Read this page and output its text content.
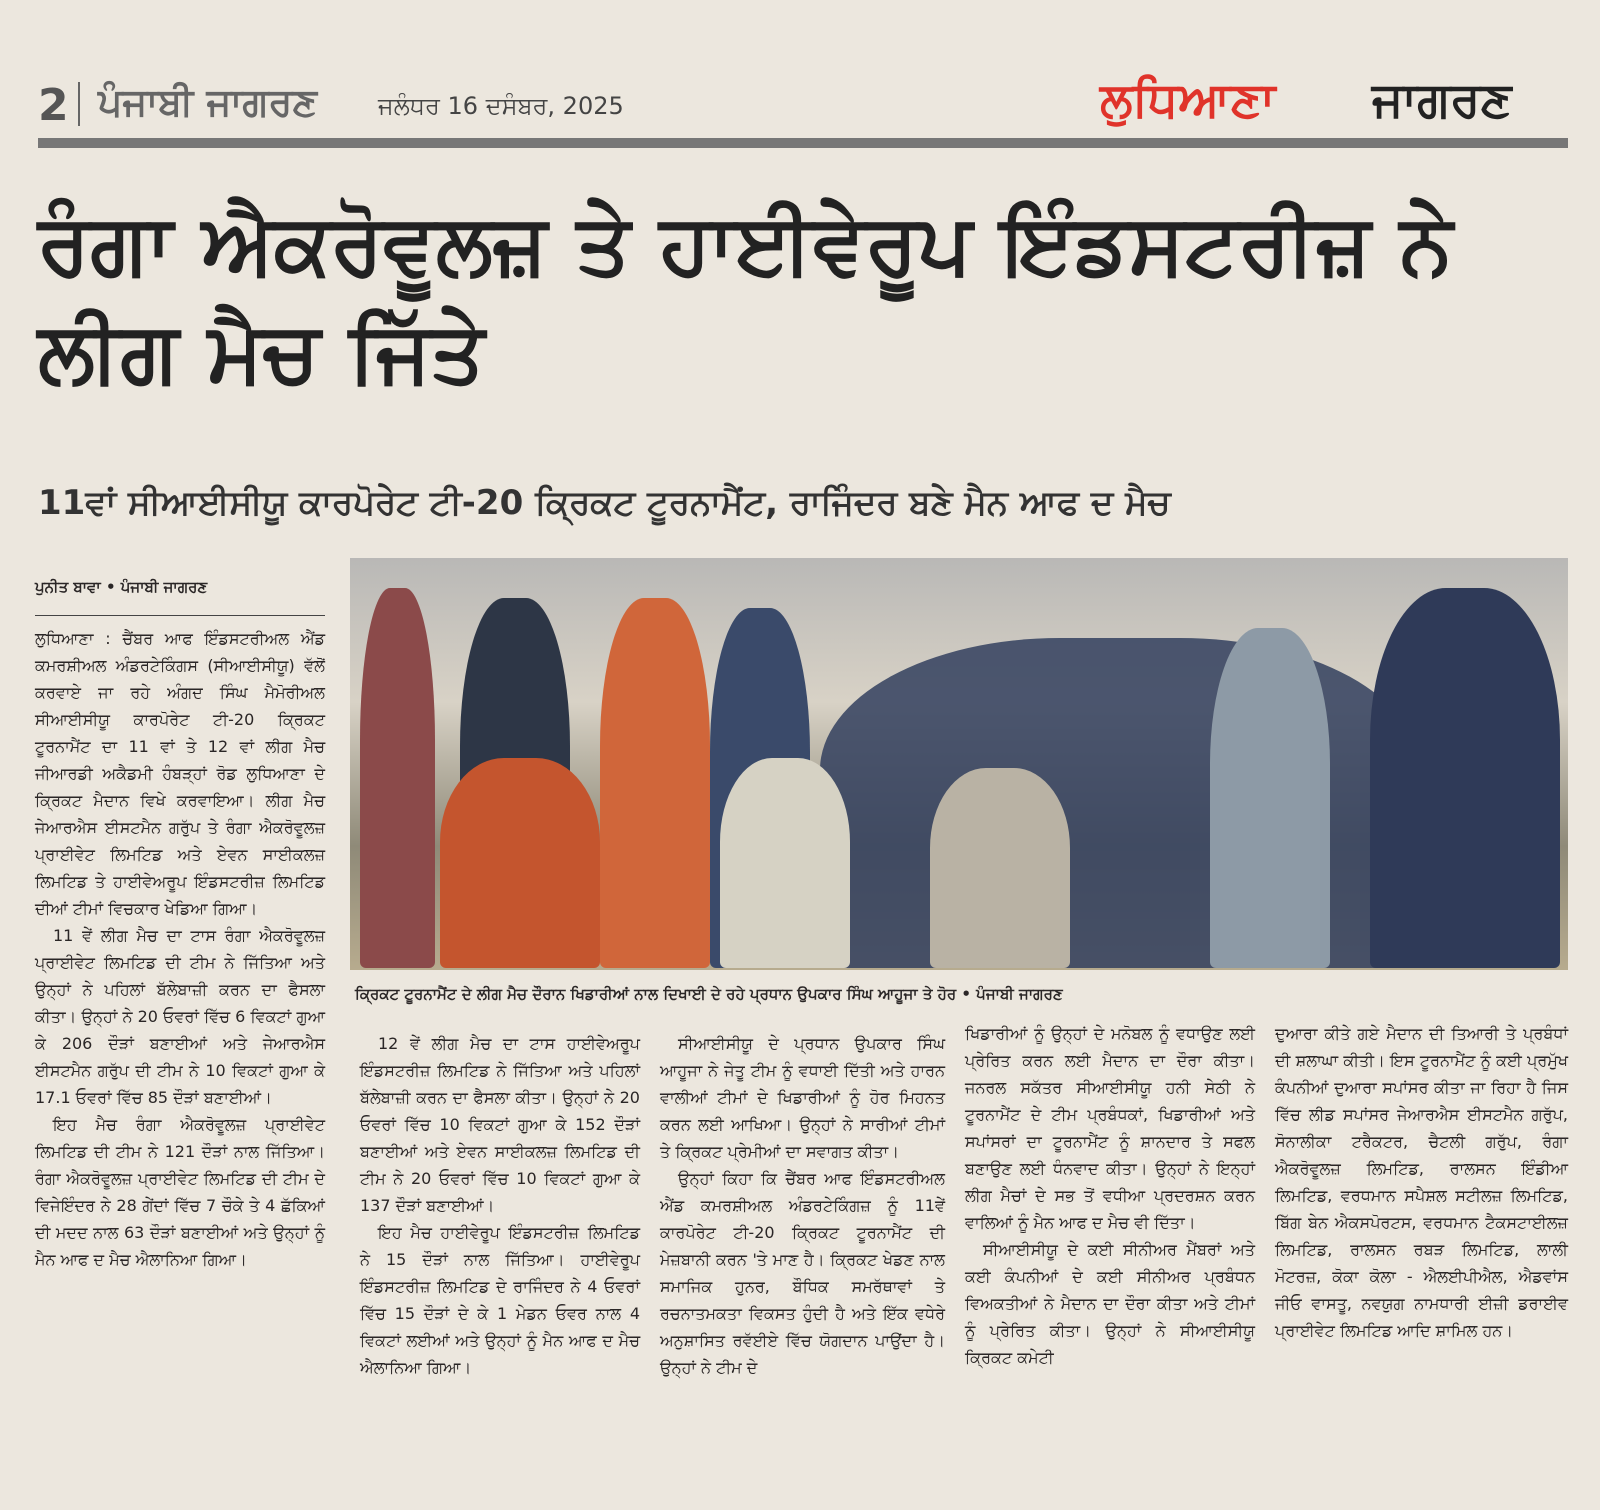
2 ਪੰਜਾਬੀ ਜਾਗਰਣ	ਜਲੰਧਰ 16 ਦਸੰਬਰ, 2025	ਲੁਧਿਆਣਾ ਜਾਗਰਣ
ਰੰਗਾ ਐਕਰੋਵੂਲਜ਼ ਤੇ ਹਾਈਵੇਰੂਪ ਇੰਡਸਟਰੀਜ਼ ਨੇ ਲੀਗ ਮੈਚ ਜਿੱਤੇ
11ਵਾਂ ਸੀਆਈਸੀਯੂ ਕਾਰਪੋਰੇਟ ਟੀ-20 ਕ੍ਰਿਕਟ ਟੂਰਨਾਮੈਂਟ, ਰਾਜਿੰਦਰ ਬਣੇ ਮੈਨ ਆਫ ਦ ਮੈਚ
ਪੁਨੀਤ ਬਾਵਾ • ਪੰਜਾਬੀ ਜਾਗਰਣ

ਲੁਧਿਆਣਾ : ਚੈਂਬਰ ਆਫ ਇੰਡਸਟਰੀਅਲ ਐਂਡ ਕਮਰਸ਼ੀਅਲ ਅੰਡਰਟੇਕਿੰਗਸ (ਸੀਆਈਸੀਯੂ) ਵੱਲੋਂ ਕਰਵਾਏ ਜਾ ਰਹੇ ਅੰਗਦ ਸਿੰਘ ਮੈਮੋਰੀਅਲ ਸੀਆਈਸੀਯੂ ਕਾਰਪੋਰੇਟ ਟੀ-20 ਕ੍ਰਿਕਟ ਟੂਰਨਾਮੈਂਟ ਦਾ 11 ਵਾਂ ਤੇ 12 ਵਾਂ ਲੀਗ ਮੈਚ ਜੀਆਰਡੀ ਅਕੈਡਮੀ ਹੰਬੜ੍ਹਾਂ ਰੋਡ ਲੁਧਿਆਣਾ ਦੇ ਕ੍ਰਿਕਟ ਮੈਦਾਨ ਵਿਖੇ ਕਰਵਾਇਆ। ਲੀਗ ਮੈਚ ਜੇਆਰਐਸ ਈਸਟਮੈਨ ਗਰੁੱਪ ਤੇ ਰੰਗਾ ਐਕਰੋਵੂਲਜ਼ ਪ੍ਰਾਈਵੇਟ ਲਿਮਟਿਡ ਅਤੇ ਏਵਨ ਸਾਈਕਲਜ਼ ਲਿਮਟਿਡ ਤੇ ਹਾਈਵੇਅਰੂਪ ਇੰਡਸਟਰੀਜ਼ ਲਿਮਟਿਡ ਦੀਆਂ ਟੀਮਾਂ ਵਿਚਕਾਰ ਖੇਡਿਆ ਗਿਆ।

11 ਵੇਂ ਲੀਗ ਮੈਚ ਦਾ ਟਾਸ ਰੰਗਾ ਐਕਰੋਵੂਲਜ਼ ਪ੍ਰਾਈਵੇਟ ਲਿਮਟਿਡ ਦੀ ਟੀਮ ਨੇ ਜਿੱਤਿਆ ਅਤੇ ਉਨ੍ਹਾਂ ਨੇ ਪਹਿਲਾਂ ਬੱਲੇਬਾਜ਼ੀ ਕਰਨ ਦਾ ਫੈਸਲਾ ਕੀਤਾ। ਉਨ੍ਹਾਂ ਨੇ 20 ਓਵਰਾਂ ਵਿੱਚ 6 ਵਿਕਟਾਂ ਗੁਆ ਕੇ 206 ਦੌੜਾਂ ਬਣਾਈਆਂ ਅਤੇ ਜੇਆਰਐਸ ਈਸਟਮੈਨ ਗਰੁੱਪ ਦੀ ਟੀਮ ਨੇ 10 ਵਿਕਟਾਂ ਗੁਆ ਕੇ 17.1 ਓਵਰਾਂ ਵਿੱਚ 85 ਦੌੜਾਂ ਬਣਾਈਆਂ।

ਇਹ ਮੈਚ ਰੰਗਾ ਐਕਰੋਵੂਲਜ਼ ਪ੍ਰਾਈਵੇਟ ਲਿਮਟਿਡ ਦੀ ਟੀਮ ਨੇ 121 ਦੌੜਾਂ ਨਾਲ ਜਿੱਤਿਆ। ਰੰਗਾ ਐਕਰੋਵੂਲਜ਼ ਪ੍ਰਾਈਵੇਟ ਲਿਮਟਿਡ ਦੀ ਟੀਮ ਦੇ ਵਿਜੇਇੰਦਰ ਨੇ 28 ਗੇਂਦਾਂ ਵਿੱਚ 7 ਚੌਕੇ ਤੇ 4 ਛੱਕਿਆਂ ਦੀ ਮਦਦ ਨਾਲ 63 ਦੌੜਾਂ ਬਣਾਈਆਂ ਅਤੇ ਉਨ੍ਹਾਂ ਨੂੰ ਮੈਨ ਆਫ ਦ ਮੈਚ ਐਲਾਨਿਆ ਗਿਆ।

ਕ੍ਰਿਕਟ ਟੂਰਨਾਮੈਂਟ ਦੇ ਲੀਗ ਮੈਚ ਦੌਰਾਨ ਖਿਡਾਰੀਆਂ ਨਾਲ ਦਿਖਾਈ ਦੇ ਰਹੇ ਪ੍ਰਧਾਨ ਉਪਕਾਰ ਸਿੰਘ ਆਹੂਜਾ ਤੇ ਹੋਰ • ਪੰਜਾਬੀ ਜਾਗਰਣ

12 ਵੇਂ ਲੀਗ ਮੈਚ ਦਾ ਟਾਸ ਹਾਈਵੇਅਰੂਪ ਇੰਡਸਟਰੀਜ਼ ਲਿਮਟਿਡ ਨੇ ਜਿੱਤਿਆ ਅਤੇ ਪਹਿਲਾਂ ਬੱਲੇਬਾਜ਼ੀ ਕਰਨ ਦਾ ਫੈਸਲਾ ਕੀਤਾ। ਉਨ੍ਹਾਂ ਨੇ 20 ਓਵਰਾਂ ਵਿੱਚ 10 ਵਿਕਟਾਂ ਗੁਆ ਕੇ 152 ਦੌੜਾਂ ਬਣਾਈਆਂ ਅਤੇ ਏਵਨ ਸਾਈਕਲਜ਼ ਲਿਮਟਿਡ ਦੀ ਟੀਮ ਨੇ 20 ਓਵਰਾਂ ਵਿੱਚ 10 ਵਿਕਟਾਂ ਗੁਆ ਕੇ 137 ਦੌੜਾਂ ਬਣਾਈਆਂ।

ਇਹ ਮੈਚ ਹਾਈਵੇਰੂਪ ਇੰਡਸਟਰੀਜ਼ ਲਿਮਟਿਡ ਨੇ 15 ਦੌੜਾਂ ਨਾਲ ਜਿੱਤਿਆ। ਹਾਈਵੇਰੂਪ ਇੰਡਸਟਰੀਜ਼ ਲਿਮਟਿਡ ਦੇ ਰਾਜਿੰਦਰ ਨੇ 4 ਓਵਰਾਂ ਵਿੱਚ 15 ਦੌੜਾਂ ਦੇ ਕੇ 1 ਮੇਡਨ ਓਵਰ ਨਾਲ 4 ਵਿਕਟਾਂ ਲਈਆਂ ਅਤੇ ਉਨ੍ਹਾਂ ਨੂੰ ਮੈਨ ਆਫ ਦ ਮੈਚ ਐਲਾਨਿਆ ਗਿਆ।

ਸੀਆਈਸੀਯੂ ਦੇ ਪ੍ਰਧਾਨ ਉਪਕਾਰ ਸਿੰਘ ਆਹੂਜਾ ਨੇ ਜੇਤੂ ਟੀਮ ਨੂੰ ਵਧਾਈ ਦਿੱਤੀ ਅਤੇ ਹਾਰਨ ਵਾਲੀਆਂ ਟੀਮਾਂ ਦੇ ਖਿਡਾਰੀਆਂ ਨੂੰ ਹੋਰ ਮਿਹਨਤ ਕਰਨ ਲਈ ਆਖਿਆ। ਉਨ੍ਹਾਂ ਨੇ ਸਾਰੀਆਂ ਟੀਮਾਂ ਤੇ ਕ੍ਰਿਕਟ ਪ੍ਰੇਮੀਆਂ ਦਾ ਸਵਾਗਤ ਕੀਤਾ।

ਉਨ੍ਹਾਂ ਕਿਹਾ ਕਿ ਚੈਂਬਰ ਆਫ ਇੰਡਸਟਰੀਅਲ ਐਂਡ ਕਮਰਸ਼ੀਅਲ ਅੰਡਰਟੇਕਿੰਗਜ਼ ਨੂੰ 11ਵੇਂ ਕਾਰਪੋਰੇਟ ਟੀ-20 ਕ੍ਰਿਕਟ ਟੂਰਨਾਮੈਂਟ ਦੀ ਮੇਜ਼ਬਾਨੀ ਕਰਨ 'ਤੇ ਮਾਣ ਹੈ। ਕ੍ਰਿਕਟ ਖੇਡਣ ਨਾਲ ਸਮਾਜਿਕ ਹੁਨਰ, ਬੌਧਿਕ ਸਮਰੱਥਾਵਾਂ ਤੇ ਰਚਨਾਤਮਕਤਾ ਵਿਕਸਤ ਹੁੰਦੀ ਹੈ ਅਤੇ ਇੱਕ ਵਧੇਰੇ ਅਨੁਸ਼ਾਸਿਤ ਰਵੱਈਏ ਵਿੱਚ ਯੋਗਦਾਨ ਪਾਉਂਦਾ ਹੈ। ਉਨ੍ਹਾਂ ਨੇ ਟੀਮ ਦੇ

ਖਿਡਾਰੀਆਂ ਨੂੰ ਉਨ੍ਹਾਂ ਦੇ ਮਨੋਬਲ ਨੂੰ ਵਧਾਉਣ ਲਈ ਪ੍ਰੇਰਿਤ ਕਰਨ ਲਈ ਮੈਦਾਨ ਦਾ ਦੌਰਾ ਕੀਤਾ। ਜਨਰਲ ਸਕੱਤਰ ਸੀਆਈਸੀਯੂ ਹਨੀ ਸੇਠੀ ਨੇ ਟੂਰਨਾਮੈਂਟ ਦੇ ਟੀਮ ਪ੍ਰਬੰਧਕਾਂ, ਖਿਡਾਰੀਆਂ ਅਤੇ ਸਪਾਂਸਰਾਂ ਦਾ ਟੂਰਨਾਮੈਂਟ ਨੂੰ ਸ਼ਾਨਦਾਰ ਤੇ ਸਫਲ ਬਣਾਉਣ ਲਈ ਧੰਨਵਾਦ ਕੀਤਾ। ਉਨ੍ਹਾਂ ਨੇ ਇਨ੍ਹਾਂ ਲੀਗ ਮੈਚਾਂ ਦੇ ਸਭ ਤੋਂ ਵਧੀਆ ਪ੍ਰਦਰਸ਼ਨ ਕਰਨ ਵਾਲਿਆਂ ਨੂੰ ਮੈਨ ਆਫ ਦ ਮੈਚ ਵੀ ਦਿੱਤਾ।

ਸੀਆਈਸੀਯੂ ਦੇ ਕਈ ਸੀਨੀਅਰ ਮੈਂਬਰਾਂ ਅਤੇ ਕਈ ਕੰਪਨੀਆਂ ਦੇ ਕਈ ਸੀਨੀਅਰ ਪ੍ਰਬੰਧਨ ਵਿਅਕਤੀਆਂ ਨੇ ਮੈਦਾਨ ਦਾ ਦੌਰਾ ਕੀਤਾ ਅਤੇ ਟੀਮਾਂ ਨੂੰ ਪ੍ਰੇਰਿਤ ਕੀਤਾ। ਉਨ੍ਹਾਂ ਨੇ ਸੀਆਈਸੀਯੂ ਕ੍ਰਿਕਟ ਕਮੇਟੀ

ਦੁਆਰਾ ਕੀਤੇ ਗਏ ਮੈਦਾਨ ਦੀ ਤਿਆਰੀ ਤੇ ਪ੍ਰਬੰਧਾਂ ਦੀ ਸ਼ਲਾਘਾ ਕੀਤੀ। ਇਸ ਟੂਰਨਾਮੈਂਟ ਨੂੰ ਕਈ ਪ੍ਰਮੁੱਖ ਕੰਪਨੀਆਂ ਦੁਆਰਾ ਸਪਾਂਸਰ ਕੀਤਾ ਜਾ ਰਿਹਾ ਹੈ ਜਿਸ ਵਿੱਚ ਲੀਡ ਸਪਾਂਸਰ ਜੇਆਰਐਸ ਈਸਟਮੈਨ ਗਰੁੱਪ, ਸੋਨਾਲੀਕਾ ਟਰੈਕਟਰ, ਚੈਟਲੀ ਗਰੁੱਪ, ਰੰਗਾ ਐਕਰੋਵੂਲਜ਼ ਲਿਮਟਿਡ, ਰਾਲਸਨ ਇੰਡੀਆ ਲਿਮਟਿਡ, ਵਰਧਮਾਨ ਸਪੈਸ਼ਲ ਸਟੀਲਜ਼ ਲਿਮਟਿਡ, ਬਿੱਗ ਬੇਨ ਐਕਸਪੋਰਟਸ, ਵਰਧਮਾਨ ਟੈਕਸਟਾਈਲਜ਼ ਲਿਮਟਿਡ, ਰਾਲਸਨ ਰਬੜ ਲਿਮਟਿਡ, ਲਾਲੀ ਮੋਟਰਜ਼, ਕੋਕਾ ਕੋਲਾ - ਐਲਈਪੀਐਲ, ਐਡਵਾਂਸ ਜੀਓ ਵਾਸਤੂ, ਨਵਯੁਗ ਨਾਮਧਾਰੀ ਈਜ਼ੀ ਡਰਾਈਵ ਪ੍ਰਾਈਵੇਟ ਲਿਮਟਿਡ ਆਦਿ ਸ਼ਾਮਿਲ ਹਨ।
